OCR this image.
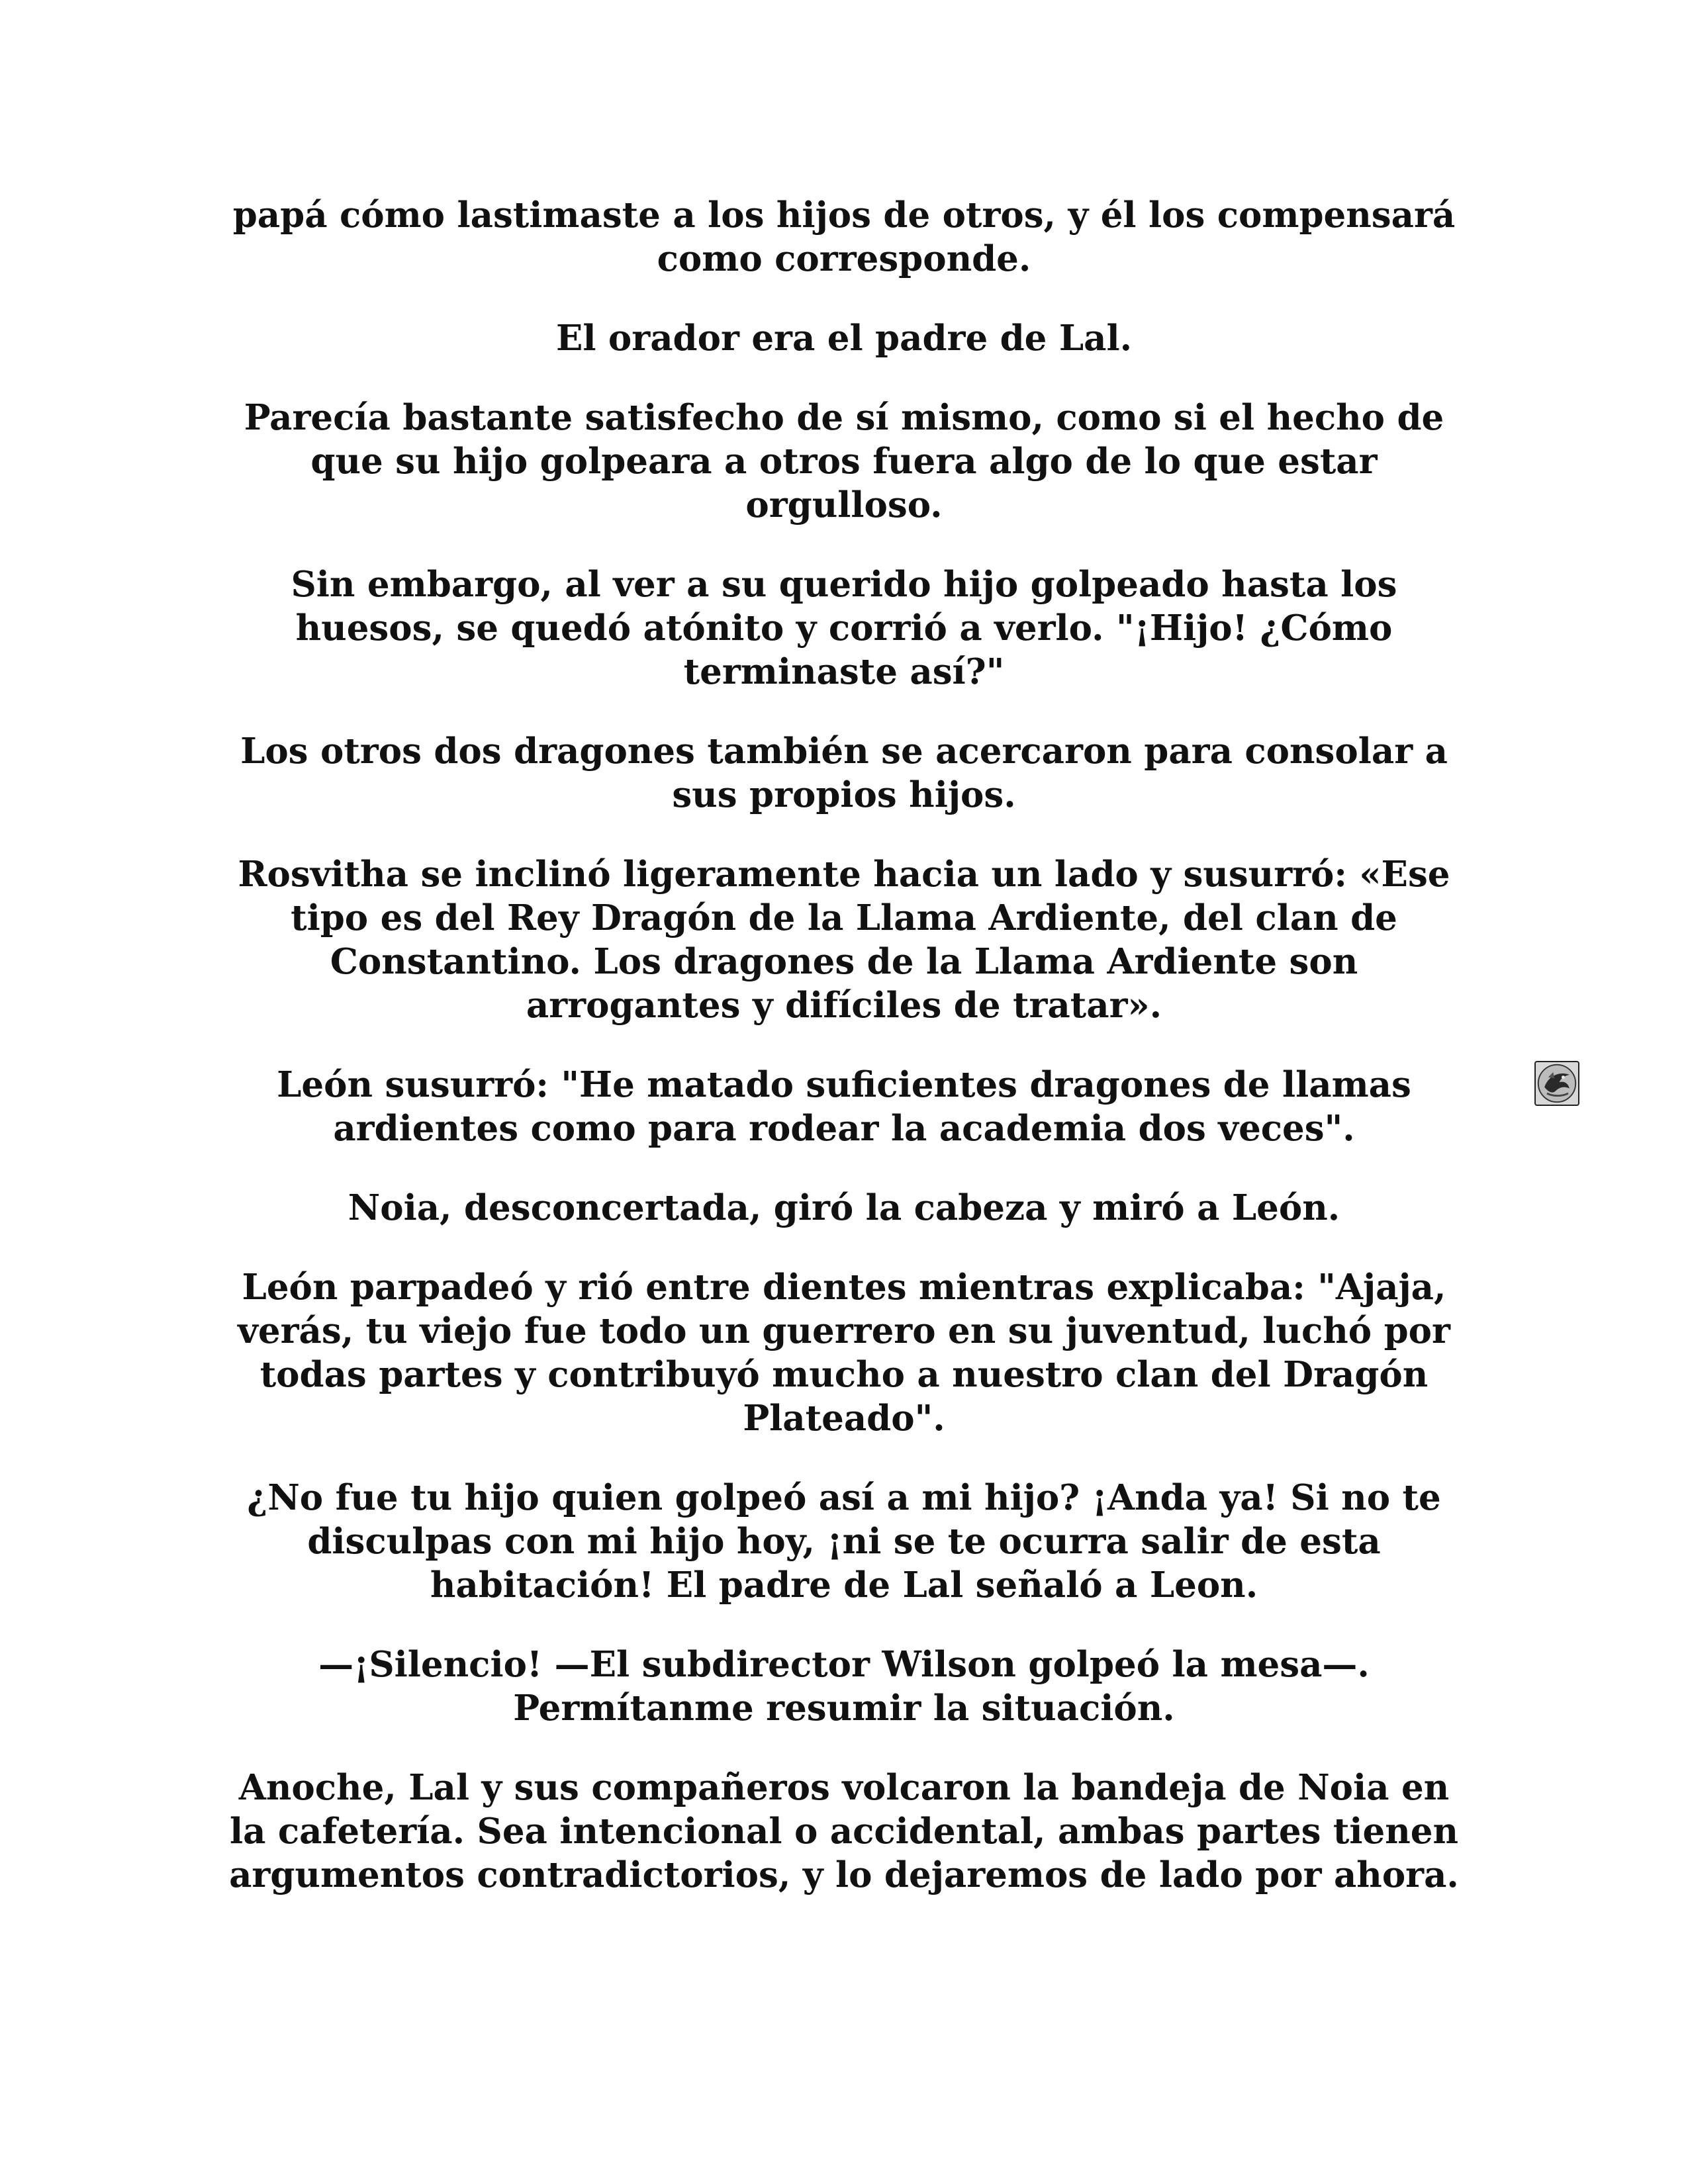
papá cómo lastimaste a los hijos de otros, y él los compensará como corresponde.

El orador era el padre de Lal.

Parecía bastante satisfecho de sí mismo, como si el hecho de que su hijo golpeara a otros fuera algo de lo que estar orgulloso.

Sin embargo, al ver a su querido hijo golpeado hasta los huesos, se quedó atónito y corrió a verlo. "¡Hijo! ¿Cómo terminaste así?"

Los otros dos dragones también se acercaron para consolar a sus propios hijos.

Rosvitha se inclinó ligeramente hacia un lado y susurró: «Ese tipo es del Rey Dragón de la Llama Ardiente, del clan de Constantino. Los dragones de la Llama Ardiente son arrogantes y difíciles de tratar».

León susurró: "He matado suficientes dragones de llamas ardientes como para rodear la academia dos veces".

Noia, desconcertada, giró la cabeza y miró a León.

León parpadeó y rió entre dientes mientras explicaba: "Ajaja, verás, tu viejo fue todo un guerrero en su juventud, luchó por todas partes y contribuyó mucho a nuestro clan del Dragón Plateado".

¿No fue tu hijo quien golpeó así a mi hijo? ¡Anda ya! Si no te disculpas con mi hijo hoy, ¡ni se te ocurra salir de esta habitación! El padre de Lal señaló a Leon.

—¡Silencio! —El subdirector Wilson golpeó la mesa—. Permítanme resumir la situación.

Anoche, Lal y sus compañeros volcaron la bandeja de Noia en la cafetería. Sea intencional o accidental, ambas partes tienen argumentos contradictorios, y lo dejaremos de lado por ahora.
